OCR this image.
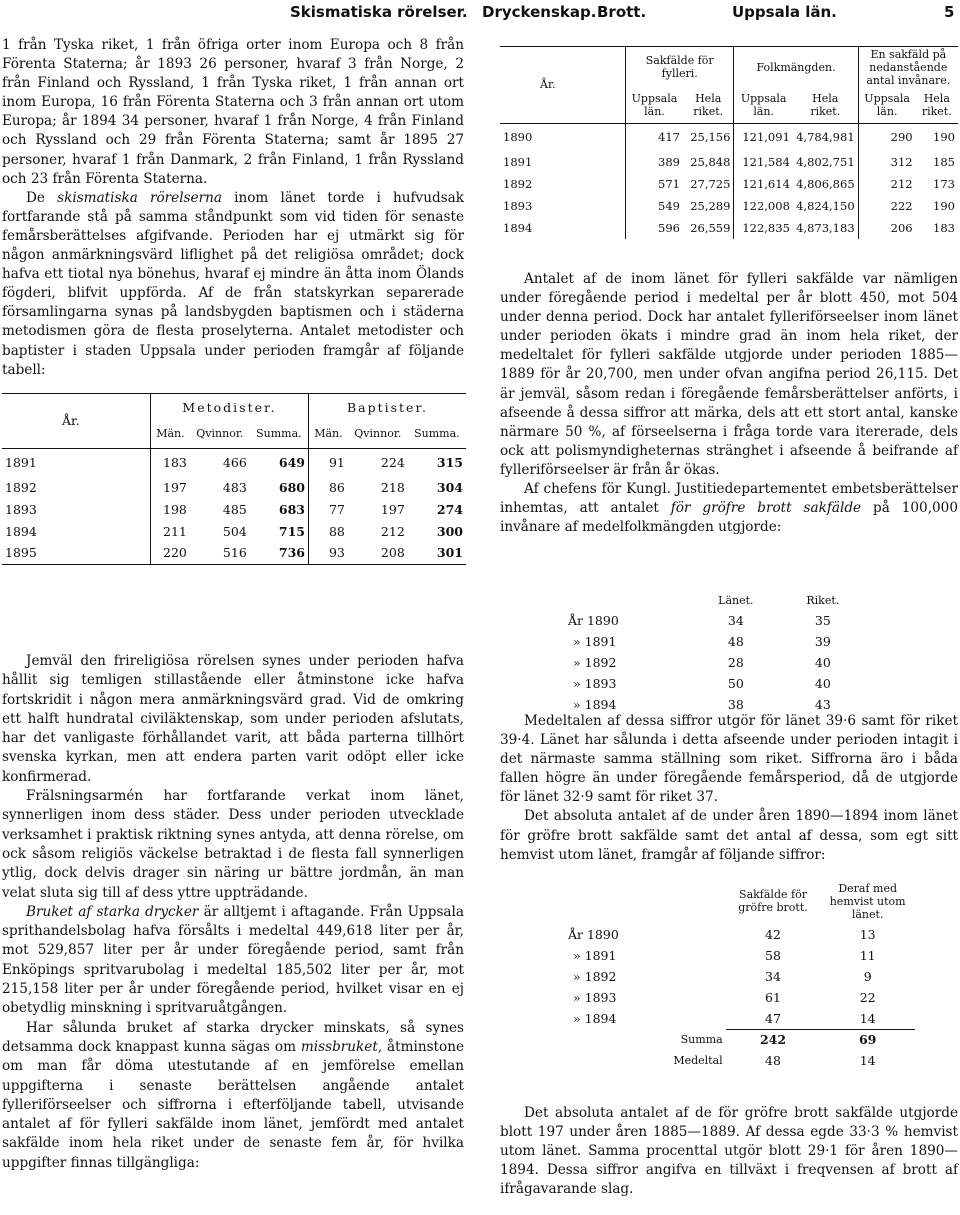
Skismatiska rörelser. Dryckenskap. Brott.	Uppsala län.	5

1 från Tyska riket, 1 från öfriga orter inom Europa och 8 från Förenta Staterna; år 1893 26 personer, hvaraf 3 från Norge, 2 från Finland och Ryssland, 1 från Tyska riket, 1 från annan ort inom Europa, 16 från Förenta Staterna och 3 från annan ort utom Europa; år 1894 34 personer, hvaraf 1 från Norge, 4 från Finland och Ryssland och 29 från Förenta Staterna; samt år 1895 27 personer, hvaraf 1 från Danmark, 2 från Finland, 1 från Ryssland och 23 från Förenta Staterna.

De skismatiska rörelserna inom länet torde i hufvudsak fortfarande stå på samma ståndpunkt som vid tiden för senaste femårsberättelses afgifvande. Perioden har ej utmärkt sig för någon anmärkningsvärd liflighet på det religiösa området; dock hafva ett tiotal nya bönehus, hvaraf ej mindre än åtta inom Ölands fögderi, blifvit uppförda. Af de från statskyrkan separerade församlingarna synas på landsbygden baptismen och i städerna metodismen göra de flesta proselyterna. Antalet metodister och baptister i staden Uppsala under perioden framgår af följande tabell:

År.	Metodister.			Baptister.		
	Män.	Qvinnor.	Summa.	Män.	Qvinnor.	Summa.
1891	183	466	649	91	224	315
1892	197	483	680	86	218	304
1893	198	485	683	77	197	274
1894	211	504	715	88	212	300
1895	220	516	736	93	208	301

Jemväl den frireligiösa rörelsen synes under perioden hafva hållit sig temligen stillastående eller åtminstone icke hafva fortskridit i någon mera anmärkningsvärd grad. Vid de omkring ett halft hundratal civiläktenskap, som under perioden afslutats, har det vanligaste förhållandet varit, att båda parterna tillhört svenska kyrkan, men att endera parten varit odöpt eller icke konfirmerad.

Frälsningsarmén har fortfarande verkat inom länet, synnerligen inom dess städer. Dess under perioden utvecklade verksamhet i praktisk riktning synes antyda, att denna rörelse, om ock såsom religiös väckelse betraktad i de flesta fall synnerligen ytlig, dock delvis drager sin näring ur bättre jordmån, än man velat sluta sig till af dess yttre uppträdande.

Bruket af starka drycker är alltjemt i aftagande. Från Uppsala sprithandelsbolag hafva försålts i medeltal 449,618 liter per år, mot 529,857 liter per år under föregående period, samt från Enköpings spritvarubolag i medeltal 185,502 liter per år, mot 215,158 liter per år under föregående period, hvilket visar en ej obetydlig minskning i spritvaruåtgången.

Har sålunda bruket af starka drycker minskats, så synes detsamma dock knappast kunna sägas om missbruket, åtminstone om man får döma utestutande af en jemförelse emellan uppgifterna i senaste berättelsen angående antalet fylleriförseelser och siffrorna i efterföljande tabell, utvisande antalet af för fylleri sakfälde inom länet, jemfördt med antalet sakfälde inom hela riket under de senaste fem år, för hvilka uppgifter finnas tillgängliga:

År.	Sakfälde för fylleri.		Folkmängden.		En sakfäld på nedanstående antal invånare.	
	Uppsala län.	Hela riket.	Uppsala län.	Hela riket.	Uppsala län.	Hela riket.
1890	417	25,156	121,091	4,784,981	290	190
1891	389	25,848	121,584	4,802,751	312	185
1892	571	27,725	121,614	4,806,865	212	173
1893	549	25,289	122,008	4,824,150	222	190
1894	596	26,559	122,835	4,873,183	206	183

Antalet af de inom länet för fylleri sakfälde var nämligen under föregående period i medeltal per år blott 450, mot 504 under denna period. Dock har antalet fylleriförseelser inom länet under perioden ökats i mindre grad än inom hela riket, der medeltalet för fylleri sakfälde utgjorde under perioden 1885—1889 för år 20,700, men under ofvan angifna period 26,115. Det är jemväl, såsom redan i föregående femårsberättelser anförts, i afseende å dessa siffror att märka, dels att ett stort antal, kanske närmare 50 %, af förseelserna i fråga torde vara itererade, dels ock att polismyndigheternas stränghet i afseende å beifrande af fylleriförseelser är från år ökas.

Af chefens för Kungl. Justitiedepartementet embetsberättelser inhemtas, att antalet för gröfre brott sakfälde på 100,000 invånare af medelfolkmängden utgjorde:

	Länet.	Riket.
År 1890	34	35
» 1891	48	39
» 1892	28	40
» 1893	50	40
» 1894	38	43

Medeltalen af dessa siffror utgör för länet 39·6 samt för riket 39·4. Länet har sålunda i detta afseende under perioden intagit i det närmaste samma ställning som riket. Siffrorna äro i båda fallen högre än under föregående femårsperiod, då de utgjorde för länet 32·9 samt för riket 37.

Det absoluta antalet af de under åren 1890—1894 inom länet för gröfre brott sakfälde samt det antal af dessa, som egt sitt hemvist utom länet, framgår af följande siffror:

	Sakfälde för gröfre brott.	Deraf med hemvist utom länet.
År 1890	42	13
» 1891	58	11
» 1892	34	9
» 1893	61	22
» 1894	47	14
Summa	242	69
Medeltal	48	14

Det absoluta antalet af de för gröfre brott sakfälde utgjorde blott 197 under åren 1885—1889. Af dessa egde 33·3 % hemvist utom länet. Samma procenttal utgör blott 29·1 för åren 1890—1894. Dessa siffror angifva en tillväxt i freqvensen af brott af ifrågavarande slag.
